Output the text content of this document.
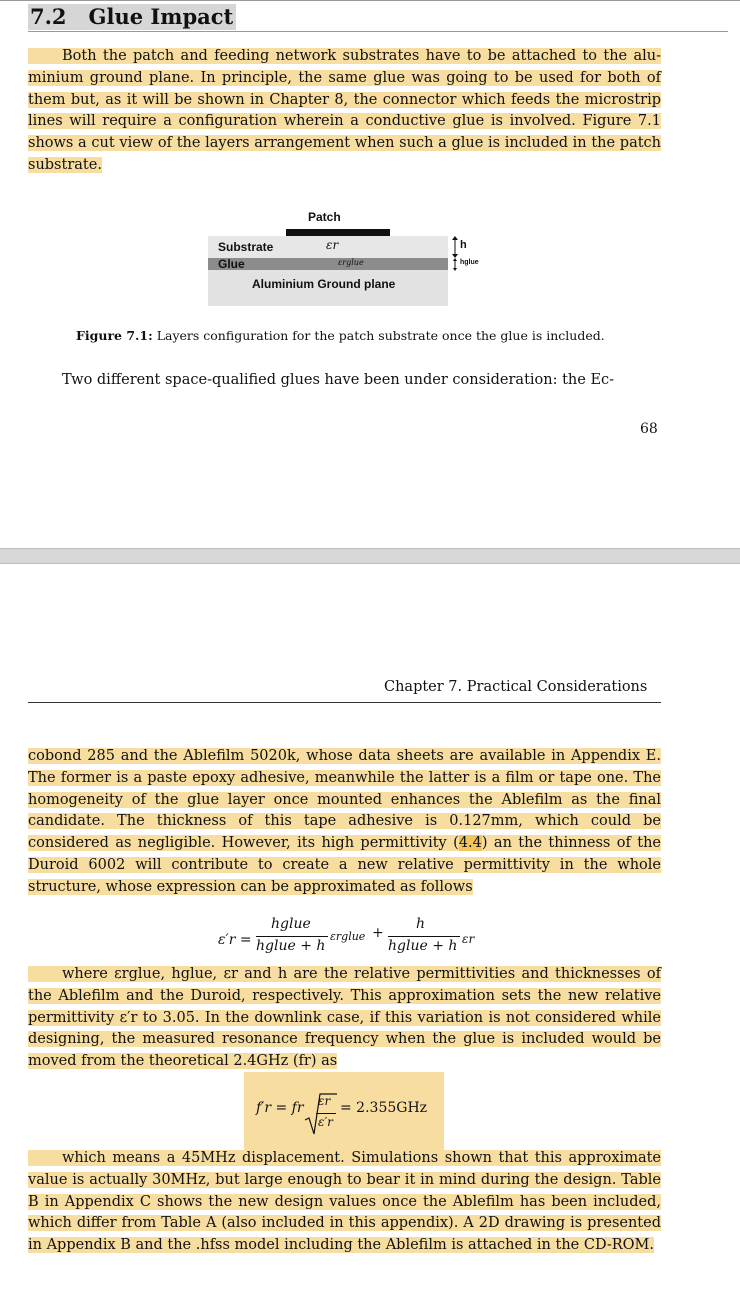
7.2 Glue Impact
Both the patch and feeding network substrates have to be attached to the alu- minium ground plane. In principle, the same glue was going to be used for both of them but, as it will be shown in Chapter 8, the connector which feeds the microstrip lines will require a configuration wherein a conductive glue is involved. Figure 7.1 shows a cut view of the layers arrangement when such a glue is included in the patch substrate.
Patch
Substrate
Glue
Aluminium Ground plane
εr
εrglue
h
hglue
Figure 7.1: Layers configuration for the patch substrate once the glue is included.
Two different space-qualified glues have been under consideration: the Ec-
68
Chapter 7. Practical Considerations
cobond 285 and the Ablefilm 5020k, whose data sheets are available in Appendix E. The former is a paste epoxy adhesive, meanwhile the latter is a film or tape one. The homogeneity of the glue layer once mounted enhances the Ablefilm as the final candidate. The thickness of this tape adhesive is 0.127mm, which could be considered as negligible. However, its high permittivity (4.4) an the thinness of the Duroid 6002 will contribute to create a new relative permittivity in the whole structure, whose expression can be approximated as follows
ε′r =
hglue
hglue + h
εrglue +
h
hglue + h εr
where εrglue, hglue, εr and h are the relative permittivities and thicknesses of the Ablefilm and the Duroid, respectively. This approximation sets the new relative permittivity ε′r to 3.05. In the downlink case, if this variation is not considered while designing, the measured resonance frequency when the glue is included would be moved from the theoretical 2.4GHz (fr) as
f′r = fr εr
ε′r
= 2.355GHz
which means a 45MHz displacement. Simulations shown that this approximate value is actually 30MHz, but large enough to bear it in mind during the design. Table B in Appendix C shows the new design values once the Ablefilm has been included, which differ from Table A (also included in this appendix). A 2D drawing is presented in Appendix B and the .hfss model including the Ablefilm is attached in the CD-ROM.
